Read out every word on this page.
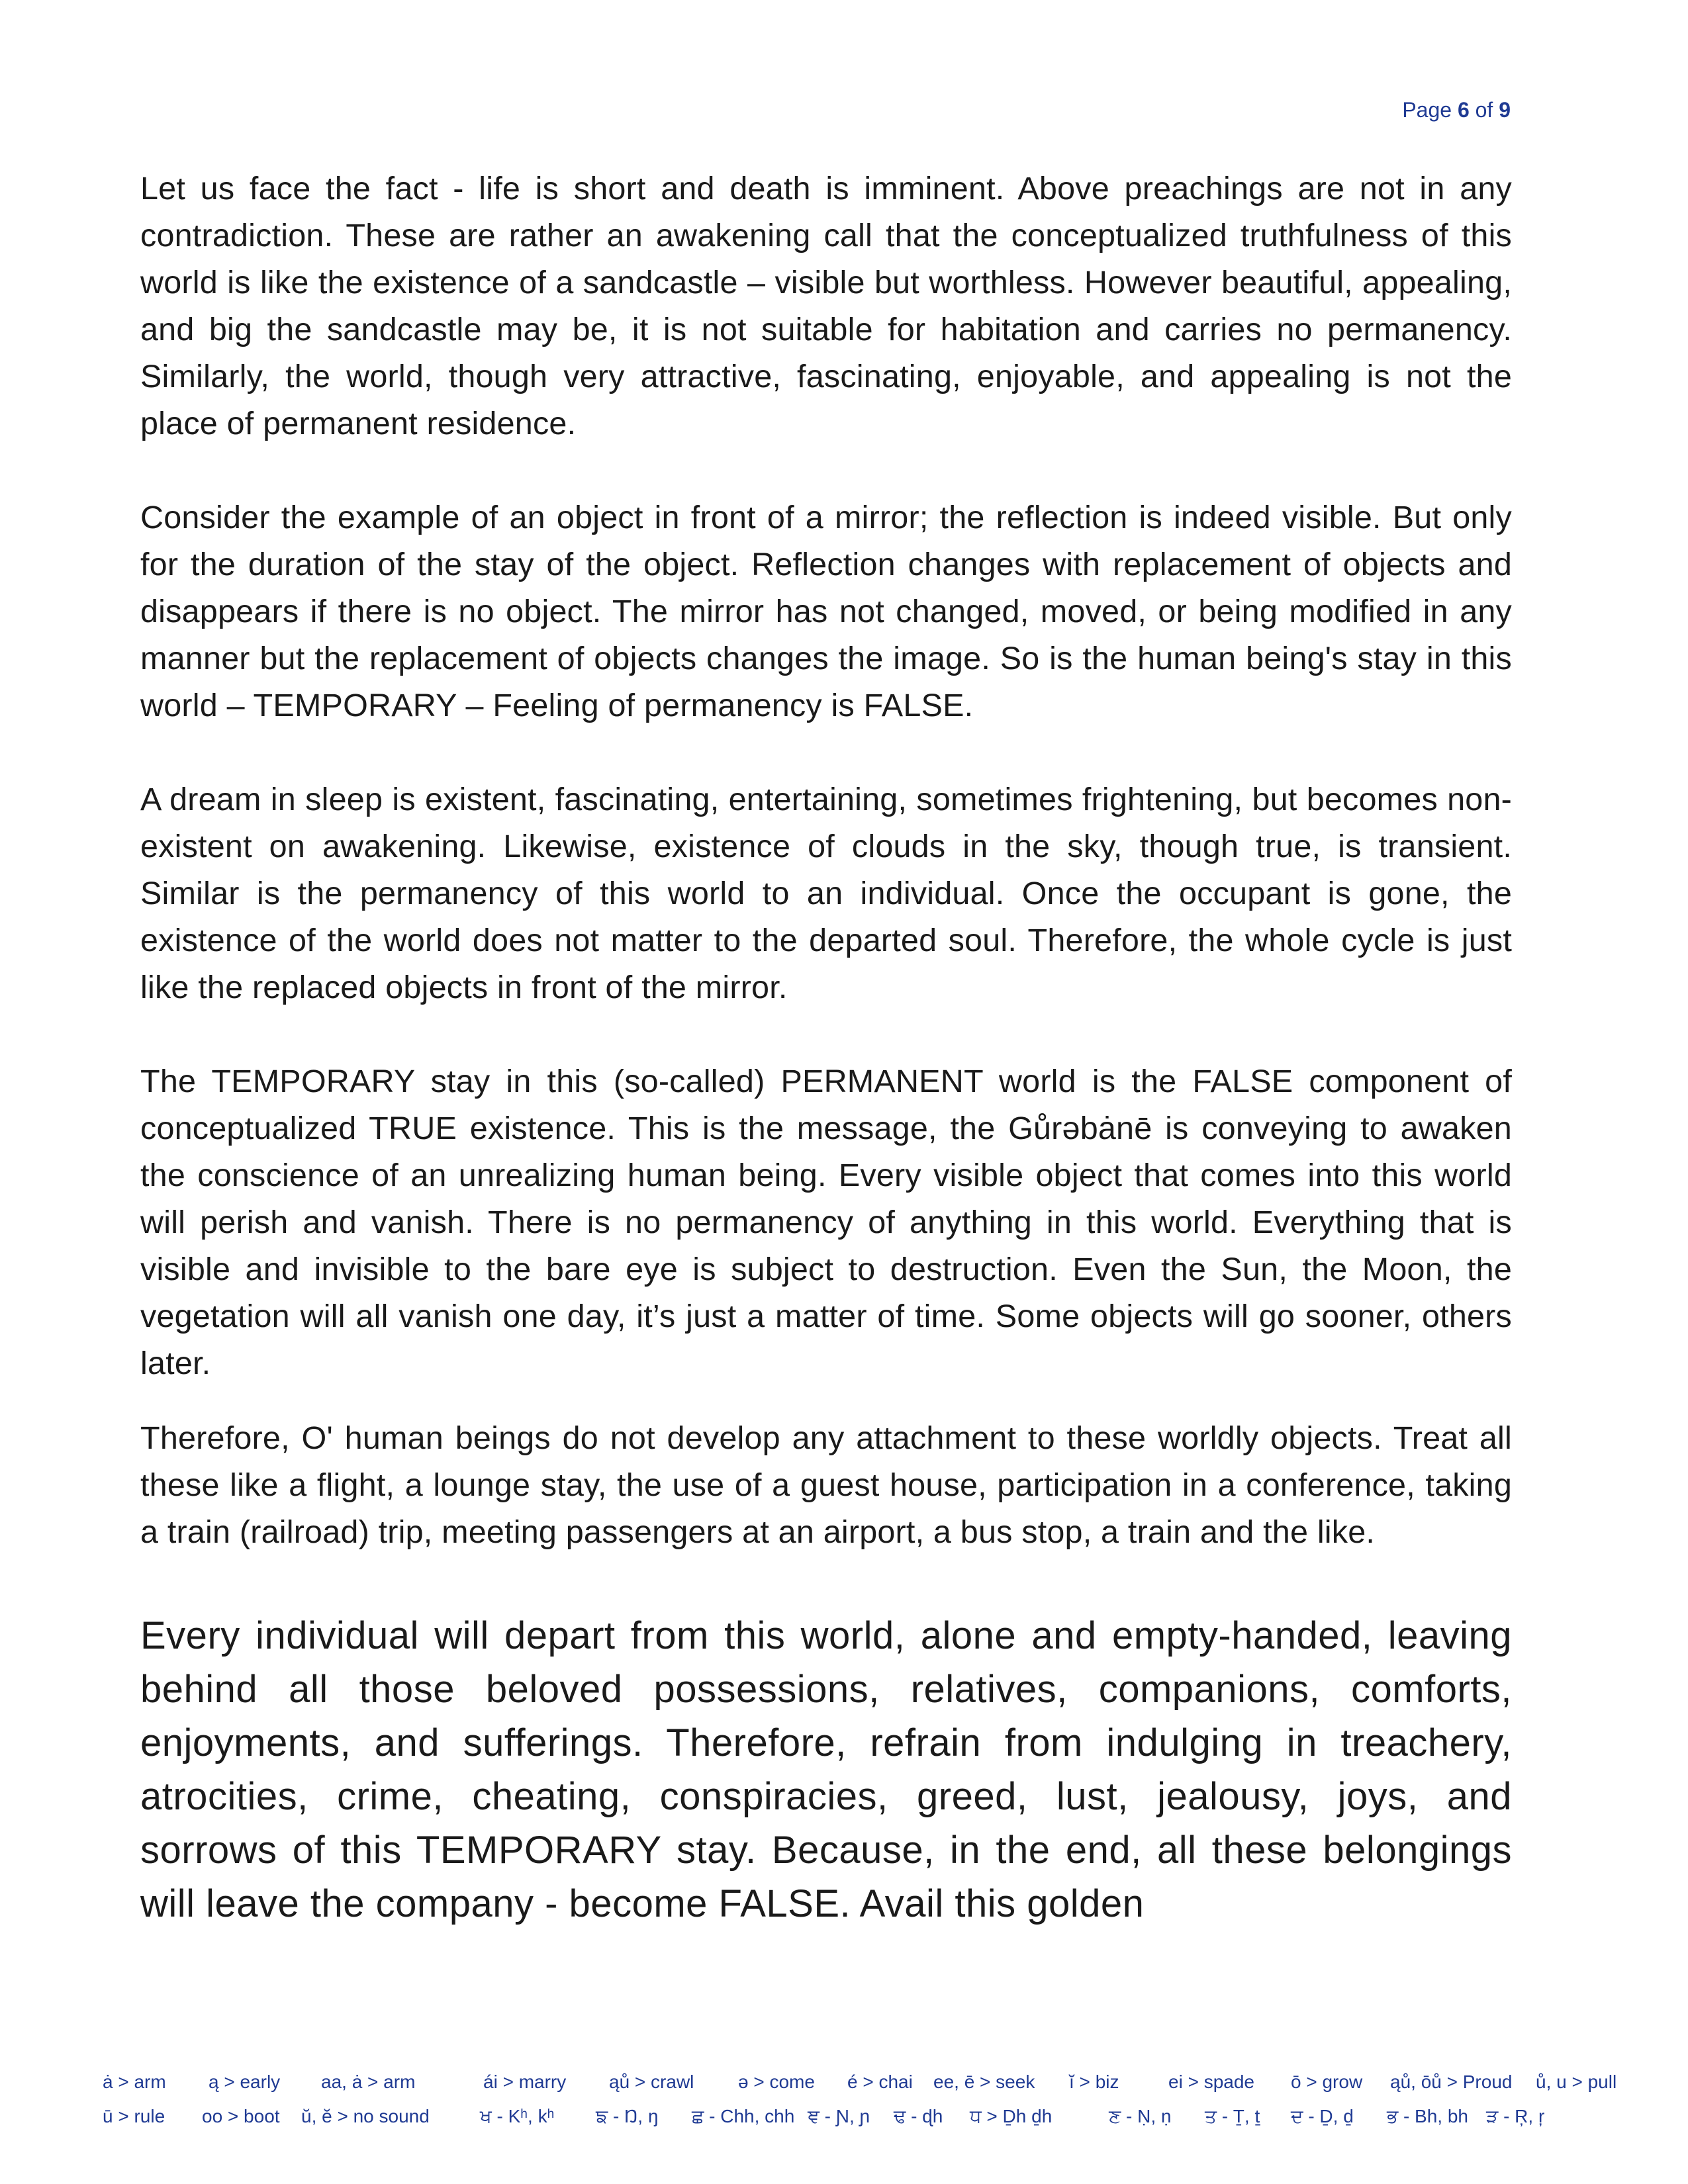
Page 6 of 9

Let us face the fact - life is short and death is imminent. Above preachings are not in any contradiction. These are rather an awakening call that the conceptualized truthfulness of this world is like the existence of a sandcastle – visible but worthless. However beautiful, appealing, and big the sandcastle may be, it is not suitable for habitation and carries no permanency. Similarly, the world, though very attractive, fascinating, enjoyable, and appealing is not the place of permanent residence.

Consider the example of an object in front of a mirror; the reflection is indeed visible. But only for the duration of the stay of the object. Reflection changes with replacement of objects and disappears if there is no object. The mirror has not changed, moved, or being modified in any manner but the replacement of objects changes the image. So is the human being's stay in this world – TEMPORARY – Feeling of permanency is FALSE.

A dream in sleep is existent, fascinating, entertaining, sometimes frightening, but becomes non-existent on awakening. Likewise, existence of clouds in the sky, though true, is transient. Similar is the permanency of this world to an individual. Once the occupant is gone, the existence of the world does not matter to the departed soul. Therefore, the whole cycle is just like the replaced objects in front of the mirror.

The TEMPORARY stay in this (so-called) PERMANENT world is the FALSE component of conceptualized TRUE existence. This is the message, the Gůrəbȧnē is conveying to awaken the conscience of an unrealizing human being. Every visible object that comes into this world will perish and vanish. There is no permanency of anything in this world. Everything that is visible and invisible to the bare eye is subject to destruction. Even the Sun, the Moon, the vegetation will all vanish one day, it’s just a matter of time. Some objects will go sooner, others later.

Therefore, O' human beings do not develop any attachment to these worldly objects. Treat all these like a flight, a lounge stay, the use of a guest house, participation in a conference, taking a train (railroad) trip, meeting passengers at an airport, a bus stop, a train and the like.

Every individual will depart from this world, alone and empty-handed, leaving behind all those beloved possessions, relatives, companions, comforts, enjoyments, and sufferings. Therefore, refrain from indulging in treachery, atrocities, crime, cheating, conspiracies, greed, lust, jealousy, joys, and sorrows of this TEMPORARY stay. Because, in the end, all these belongings will leave the company - become FALSE. Avail this golden

ȧ > arm	ą > early	aa, ȧ > arm	ái > marry	ąů > crawl	ə > come	é > chai	ee, ē > seek	ĭ > biz	ei > spade	ō > grow	ąů, ōů > Proud	ů, u > pull
ū > rule	oo > boot	ŭ, ĕ > no sound	ਖ - Kʰ, kʰ	ਙ - Ŋ, ŋ	ਛ - Chh, chh ਞ - Ɲ, ɲ	ਢ - ɖh	ਧ > Ḏh ḏh	ਣ - Ṇ, ṇ	ਤ - Ṯ, ṯ	ਦ - Ḏ, ḏ	ਭ - Bh, bh ੜ - Ŗ, ŗ
